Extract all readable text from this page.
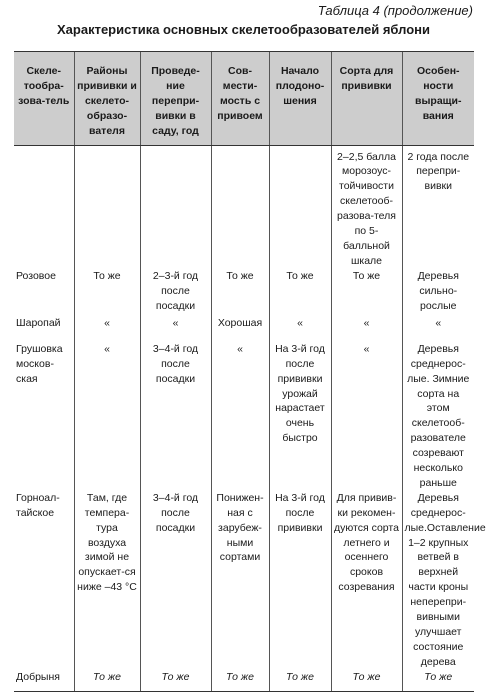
Таблица 4 (продолжение)
Характеристика основных скелетообразователей яблони
Скеле-тообра-зова-тель	Районы прививки и скелето-образо-вателя	Проведе-ние перепри-вивки в саду, год	Сов-мести-мость с привоем	Начало плодоно-шения	Сорта для прививки	Особен-ности выращи-вания
					2–2,5 балла морозоус-тойчивости скелетооб-разова-теля по 5-балльной шкале	2 года после перепри-вивки
Розовое	То же	2–3-й год после посадки	То же	То же	То же	Деревья сильно-рослые
Шаропай	«	«	Хорошая	«	«	«
Грушовка москов-ская	«	3–4-й год после посадки	«	На 3-й год после прививки урожай нарастает очень быстро	«	Деревья среднерос-лые. Зимние сорта на этом скелетооб-разователе созревают несколько раньше
Горноал-тайское	Там, где темпера-тура воздуха зимой не опускает-ся ниже –43 °С	3–4-й год после посадки	Понижен-ная с зарубеж-ными сортами	На 3-й год после прививки	Для привив-ки рекомен-дуются сорта летнего и осеннего сроков созревания	Деревья среднерос-лые.Оставление 1–2 крупных ветвей в верхней части кроны неперепри-вивными улучшает состояние дерева
Добрыня	То же	То же	То же	То же	То же	То же
